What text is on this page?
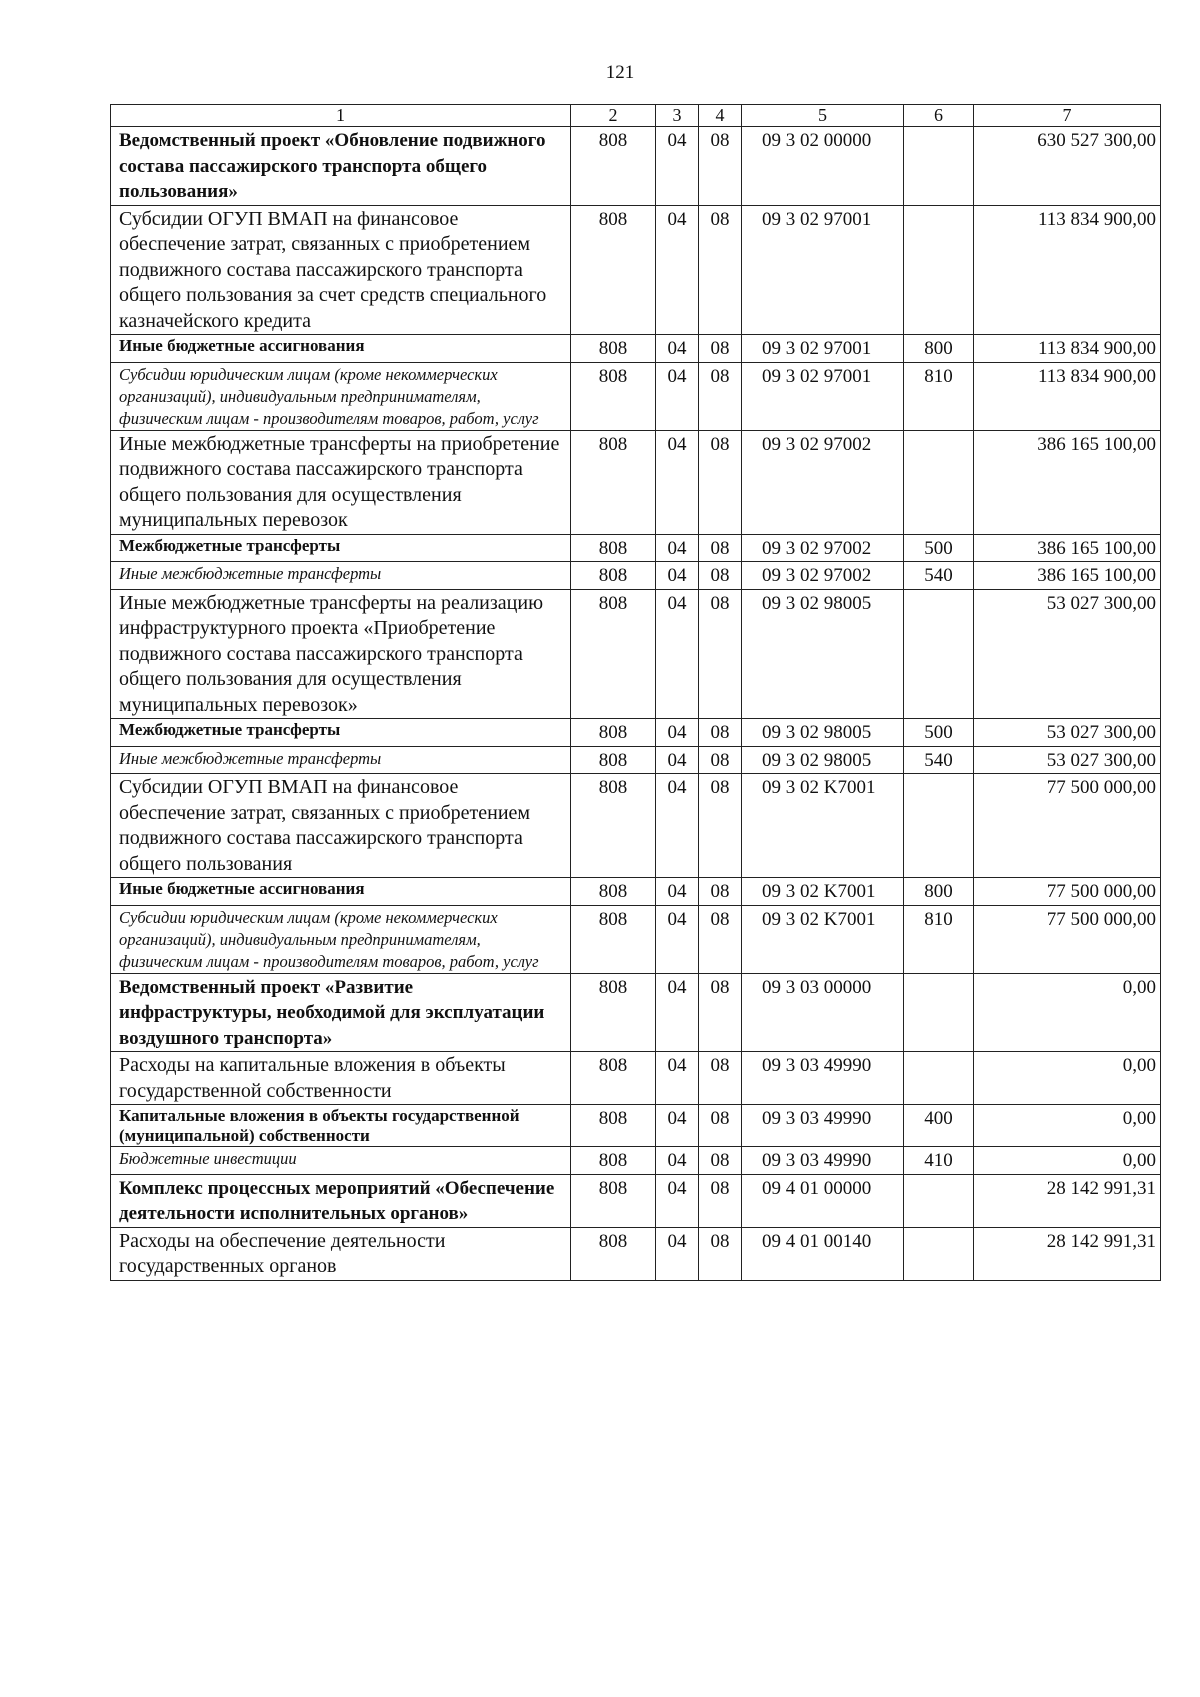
121
1	2	3	4	5	6	7
Ведомственный проект «Обновление подвижного состава пассажирского транспорта общего пользования»	808	04	08	09 3 02 00000		630 527 300,00
Субсидии ОГУП ВМАП на финансовое обеспечение затрат, связанных с приобретением подвижного состава пассажирского транспорта общего пользования за счет средств специального казначейского кредита	808	04	08	09 3 02 97001		113 834 900,00
Иные бюджетные ассигнования	808	04	08	09 3 02 97001	800	113 834 900,00
Субсидии юридическим лицам (кроме некоммерческих организаций), индивидуальным предпринимателям, физическим лицам - производителям товаров, работ, услуг	808	04	08	09 3 02 97001	810	113 834 900,00
Иные межбюджетные трансферты на приобретение подвижного состава пассажирского транспорта общего пользования для осуществления муниципальных перевозок	808	04	08	09 3 02 97002		386 165 100,00
Межбюджетные трансферты	808	04	08	09 3 02 97002	500	386 165 100,00
Иные межбюджетные трансферты	808	04	08	09 3 02 97002	540	386 165 100,00
Иные межбюджетные трансферты на реализацию инфраструктурного проекта «Приобретение подвижного состава пассажирского транспорта общего пользования для осуществления муниципальных перевозок»	808	04	08	09 3 02 98005		53 027 300,00
Межбюджетные трансферты	808	04	08	09 3 02 98005	500	53 027 300,00
Иные межбюджетные трансферты	808	04	08	09 3 02 98005	540	53 027 300,00
Субсидии ОГУП ВМАП на финансовое обеспечение затрат, связанных с приобретением подвижного состава пассажирского транспорта общего пользования	808	04	08	09 3 02 K7001		77 500 000,00
Иные бюджетные ассигнования	808	04	08	09 3 02 K7001	800	77 500 000,00
Субсидии юридическим лицам (кроме некоммерческих организаций), индивидуальным предпринимателям, физическим лицам - производителям товаров, работ, услуг	808	04	08	09 3 02 K7001	810	77 500 000,00
Ведомственный проект «Развитие инфраструктуры, необходимой для эксплуатации воздушного транспорта»	808	04	08	09 3 03 00000		0,00
Расходы на капитальные вложения в объекты государственной собственности	808	04	08	09 3 03 49990		0,00
Капитальные вложения в объекты государственной (муниципальной) собственности	808	04	08	09 3 03 49990	400	0,00
Бюджетные инвестиции	808	04	08	09 3 03 49990	410	0,00
Комплекс процессных мероприятий «Обеспечение деятельности исполнительных органов»	808	04	08	09 4 01 00000		28 142 991,31
Расходы на обеспечение деятельности государственных органов	808	04	08	09 4 01 00140		28 142 991,31
